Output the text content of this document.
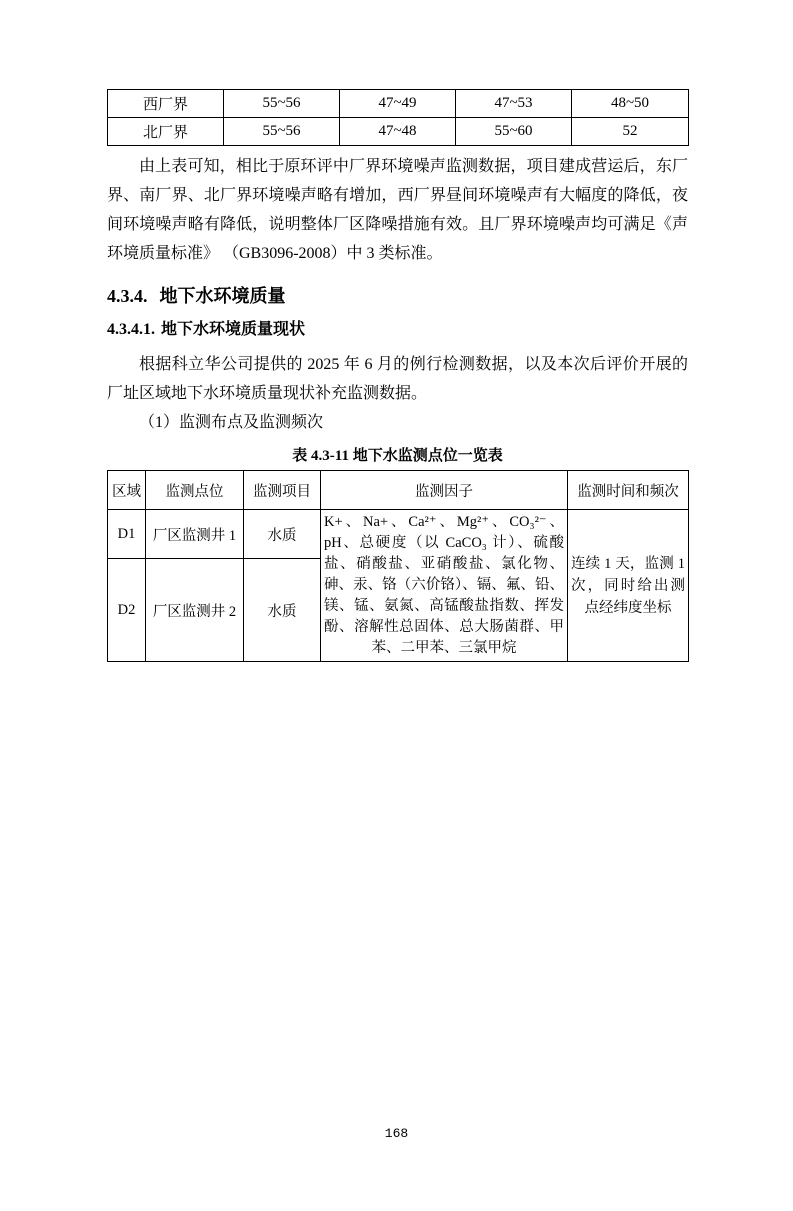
西厂界	55~56	47~49	47~53	48~50
北厂界	55~56	47~48	55~60	52

由上表可知，相比于原环评中厂界环境噪声监测数据，项目建成营运后，东厂界、南厂界、北厂界环境噪声略有增加，西厂界昼间环境噪声有大幅度的降低，夜间环境噪声略有降低，说明整体厂区降噪措施有效。且厂界环境噪声均可满足《声环境质量标准》 （GB3096-2008）中 3 类标准。

4.3.4. 地下水环境质量
4.3.4.1. 地下水环境质量现状

根据科立华公司提供的 2025 年 6 月的例行检测数据，以及本次后评价开展的厂址区域地下水环境质量现状补充监测数据。

（1）监测布点及监测频次

表 4.3-11 地下水监测点位一览表
区域	监测点位	监测项目	监测因子	监测时间和频次
D1	厂区监测井 1	水质	K+、Na+、Ca²⁺、Mg²⁺、CO₃²⁻、pH、总硬度（以 CaCO₃ 计）、硫酸盐、硝酸盐、亚硝酸盐、氯化物、砷、汞、铬（六价铬）、镉、氟、铅、镁、锰、氨氮、高锰酸盐指数、挥发酚、溶解性总固体、总大肠菌群、甲苯、二甲苯、三氯甲烷	连续 1 天，监测 1 次，同时给出测点经纬度坐标
D2	厂区监测井 2	水质		
168
